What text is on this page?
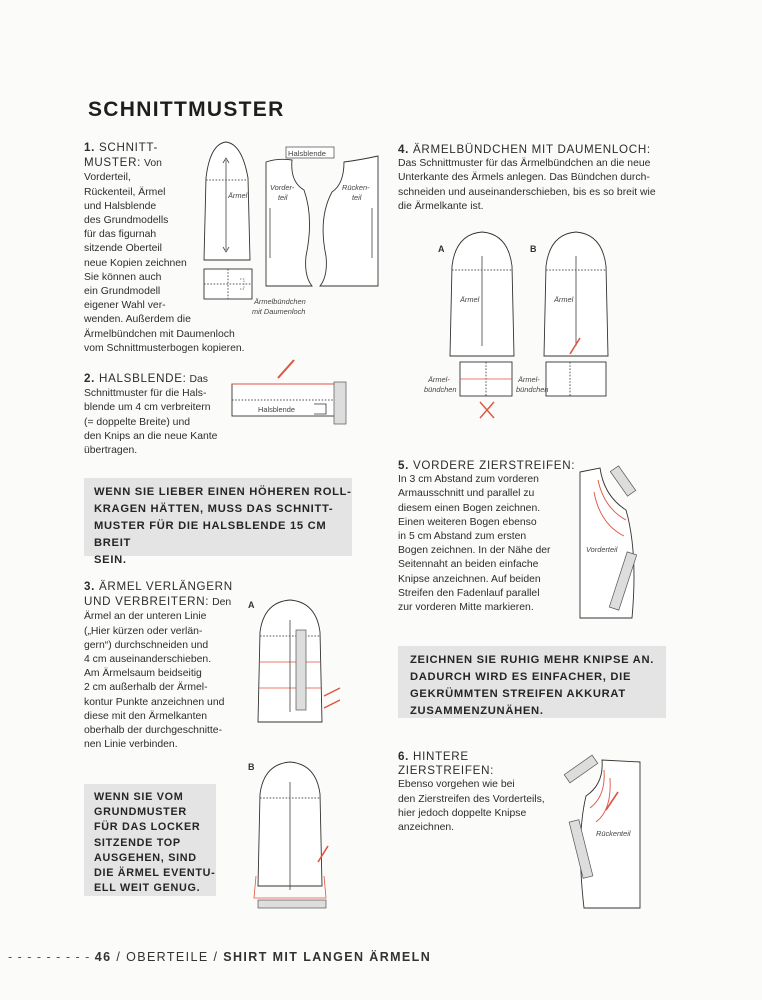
SCHNITTMUSTER
1. SCHNITT-
MUSTER: Von
Vorderteil,
Rückenteil, Ärmel
und Halsblende
des Grundmodells
für das figurnah
sitzende Oberteil
neue Kopien zeichnen
Sie können auch
ein Grundmodell
eigener Wahl ver-
wenden. Außerdem die
Ärmelbündchen mit Daumenloch
vom Schnittmusterbogen kopieren.
Ärmel
Vorder-
teil
Rücken-
teil
Halsblende
Ärmelbündchen
mit Daumenloch
2. HALSBLENDE: Das
Schnittmuster für die Hals-
blende um 4 cm verbreitern
(= doppelte Breite) und
den Knips an die neue Kante
übertragen.
Halsblende
WENN SIE LIEBER EINEN HÖHEREN ROLL-
KRAGEN HÄTTEN, MUSS DAS SCHNITT-
MUSTER FÜR DIE HALSBLENDE 15 CM BREIT
SEIN.
3. ÄRMEL VERLÄNGERN
UND VERBREITERN: Den
Ärmel an der unteren Linie
(„Hier kürzen oder verlän-
gern“) durchschneiden und
4 cm auseinanderschieben.
Am Ärmelsaum beidseitig
2 cm außerhalb der Ärmel-
kontur Punkte anzeichnen und
diese mit den Ärmelkanten
oberhalb der durchgeschnitte-
nen Linie verbinden.
A
B
WENN SIE VOM
GRUNDMUSTER
FÜR DAS LOCKER
SITZENDE TOP
AUSGEHEN, SIND
DIE ÄRMEL EVENTU-
ELL WEIT GENUG.
4. ÄRMELBÜNDCHEN MIT DAUMENLOCH:
Das Schnittmuster für das Ärmelbündchen an die neue
Unterkante des Ärmels anlegen. Das Bündchen durch-
schneiden und auseinanderschieben, bis es so breit wie
die Ärmelkante ist.
A
Ärmel
Ärmel-
bündchen
B
Ärmel
Ärmel-
bündchen
5. VORDERE ZIERSTREIFEN:
In 3 cm Abstand zum vorderen
Armausschnitt und parallel zu
diesem einen Bogen zeichnen.
Einen weiteren Bogen ebenso
in 5 cm Abstand zum ersten
Bogen zeichnen. In der Nähe der
Seitennaht an beiden einfache
Knipse anzeichnen. Auf beiden
Streifen den Fadenlauf parallel
zur vorderen Mitte markieren.
Vorderteil
ZEICHNEN SIE RUHIG MEHR KNIPSE AN.
DADURCH WIRD ES EINFACHER, DIE
GEKRÜMMTEN STREIFEN AKKURAT
ZUSAMMENZUNÄHEN.
6. HINTERE ZIERSTREIFEN:
Ebenso vorgehen wie bei
den Zierstreifen des Vorderteils,
hier jedoch doppelte Knipse
anzeichnen.
Rückenteil
- - - - - - - - - 46 / OBERTEILE / SHIRT MIT LANGEN ÄRMELN
